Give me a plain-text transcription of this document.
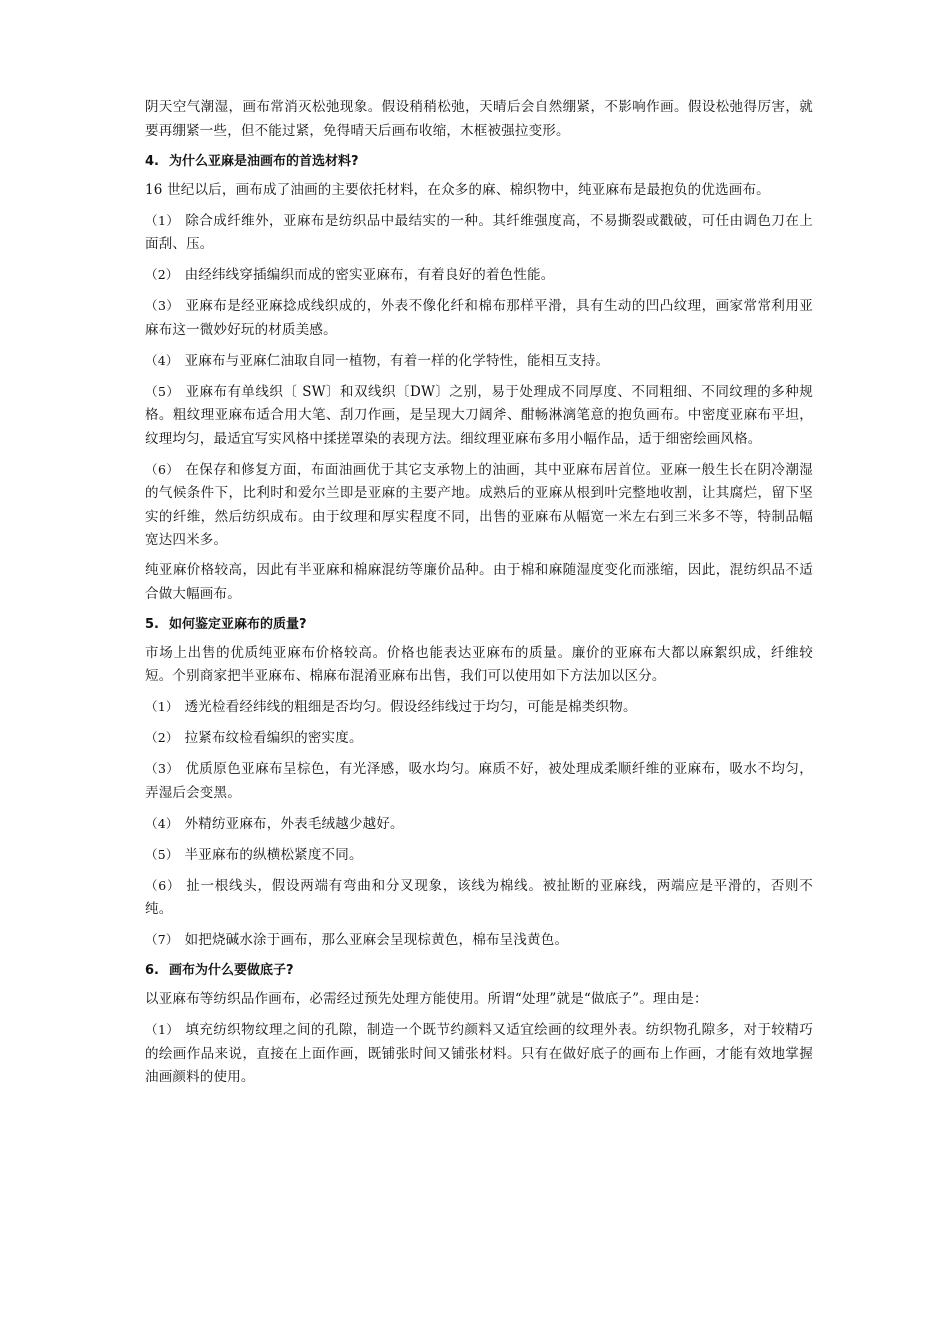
阴天空气潮湿，画布常消灭松弛现象。假设稍稍松弛，天晴后会自然绷紧，不影响作画。假设松弛得厉害，就要再绷紧一些，但不能过紧，免得晴天后画布收缩，木框被强拉变形。

4. 为什么亚麻是油画布的首选材料?

16 世纪以后，画布成了油画的主要依托材料，在众多的麻、棉织物中，纯亚麻布是最抱负的优选画布。

（1） 除合成纤维外，亚麻布是纺织品中最结实的一种。其纤维强度高，不易撕裂或戳破，可任由调色刀在上面刮、压。

（2） 由经纬线穿插编织而成的密实亚麻布，有着良好的着色性能。

（3） 亚麻布是经亚麻捻成线织成的，外表不像化纤和棉布那样平滑，具有生动的凹凸纹理，画家常常利用亚麻布这一微妙好玩的材质美感。

（4） 亚麻布与亚麻仁油取自同一植物，有着一样的化学特性，能相互支持。

（5） 亚麻布有单线织〔 SW〕和双线织〔DW〕之别，易于处理成不同厚度、不同粗细、不同纹理的多种规格。粗纹理亚麻布适合用大笔、刮刀作画，是呈现大刀阔斧、酣畅淋漓笔意的抱负画布。中密度亚麻布平坦，纹理均匀，最适宜写实风格中揉搓罩染的表现方法。细纹理亚麻布多用小幅作品，适于细密绘画风格。

（6） 在保存和修复方面，布面油画优于其它支承物上的油画，其中亚麻布居首位。亚麻一般生长在阴冷潮湿的气候条件下，比利时和爱尔兰即是亚麻的主要产地。成熟后的亚麻从根到叶完整地收割，让其腐烂，留下坚实的纤维，然后纺织成布。由于纹理和厚实程度不同，出售的亚麻布从幅宽一米左右到三米多不等，特制品幅宽达四米多。

纯亚麻价格较高，因此有半亚麻和棉麻混纺等廉价品种。由于棉和麻随湿度变化而涨缩，因此，混纺织品不适合做大幅画布。

5. 如何鉴定亚麻布的质量?

市场上出售的优质纯亚麻布价格较高。价格也能表达亚麻布的质量。廉价的亚麻布大都以麻絮织成，纤维较短。个别商家把半亚麻布、棉麻布混淆亚麻布出售，我们可以使用如下方法加以区分。

（1） 透光检看经纬线的粗细是否均匀。假设经纬线过于均匀，可能是棉类织物。

（2） 拉紧布纹检看编织的密实度。

（3） 优质原色亚麻布呈棕色，有光泽感，吸水均匀。麻质不好，被处理成柔顺纤维的亚麻布，吸水不均匀，弄湿后会变黑。

（4） 外精纺亚麻布，外表毛绒越少越好。

（5） 半亚麻布的纵横松紧度不同。

（6） 扯一根线头，假设两端有弯曲和分叉现象，该线为棉线。被扯断的亚麻线，两端应是平滑的，否则不纯。

（7） 如把烧碱水涂于画布，那么亚麻会呈现棕黄色，棉布呈浅黄色。

6. 画布为什么要做底子?

以亚麻布等纺织品作画布，必需经过预先处理方能使用。所谓“处理”就是“做底子”。理由是：

（1） 填充纺织物纹理之间的孔隙，制造一个既节约颜料又适宜绘画的纹理外表。纺织物孔隙多，对于较精巧的绘画作品来说，直接在上面作画，既铺张时间又铺张材料。只有在做好底子的画布上作画，才能有效地掌握油画颜料的使用。
